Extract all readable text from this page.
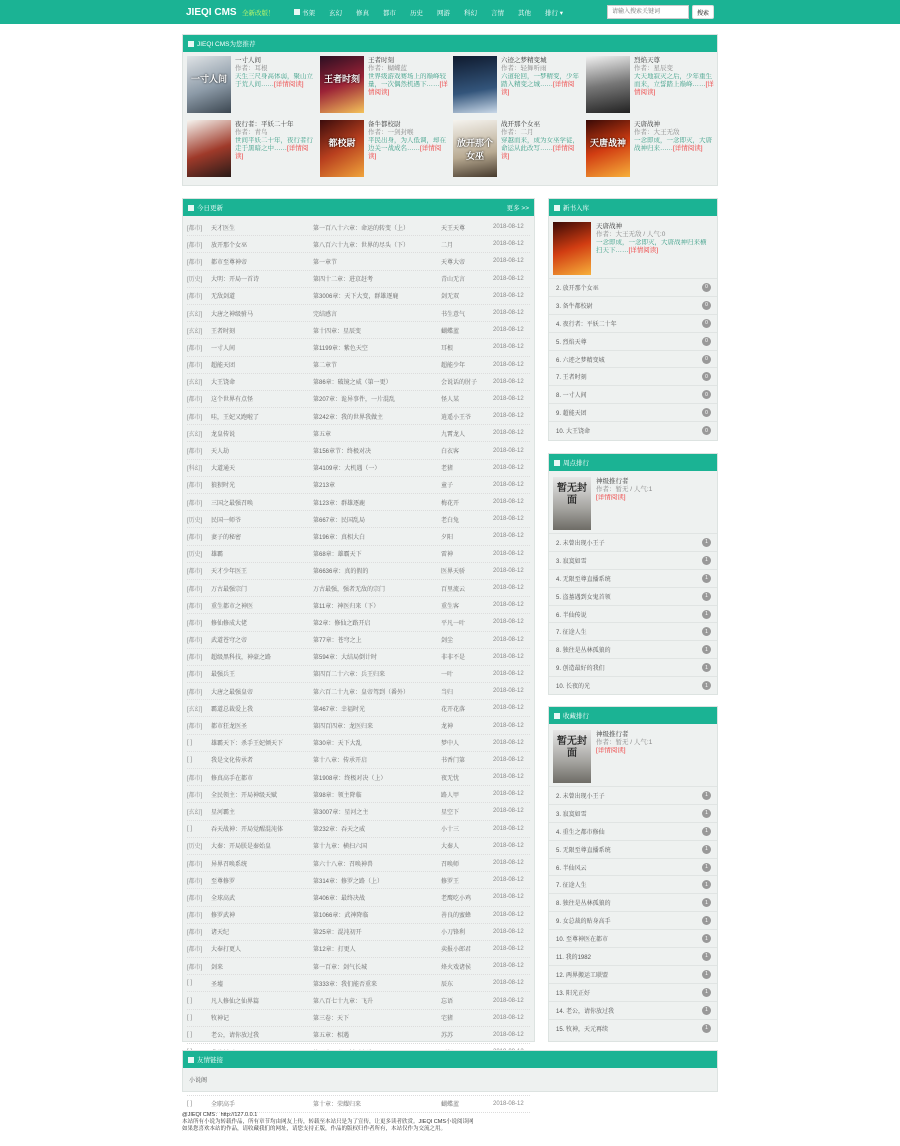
JIEQI CMS 全新改版！	书架 玄幻 修真 都市 历史 网游 科幻 言情 其他 排行 ▾
请输入搜索关键词	搜索
JIEQI CMS为您推荐
一寸人间
一寸人间
作者：耳根
天生三尺身高体弱，聚山立于荒人间……[详情阅读]
王者时刻
王者时刻
作者：蝴蝶蓝
世界级游戏赛场上的巅峰较量，一次偶然机遇下……[详情阅读]
六迹之梦精变城
作者：轻舞听雨
六道轮回，一梦精变，少年踏入精变之城……[详情阅读]
烈焰天尊
作者：星辰变
大天地寂灭之后，少年重生而来，立誓踏上巅峰……[详情阅读]
夜行者：平妖二十年
作者：青鸟
世间平妖二十年，夜行者行走于黑暗之中……[详情阅读]
都校尉
备牛都校尉
作者：一剑封喉
平民出身，为人低调，却在边关一战成名……[详情阅读]
放开那个女巫
战开那个女巫
作者：二月
穿越而来，成为女巫学徒，命运从此改写……[详情阅读]
天唐战神
天唐战神
作者：大王无敌
一念即成，一念即灭，大唐战神归来……[详情阅读]
今日更新	更多 >>
[都市]	天才医生	第一百八十六章：命运的转变（上）	天王天尊	2018-08-12
[都市]	放开那个女巫	第八百六十九章：世界的尽头（下）	二月	2018-08-12
[都市]	都市至尊神帝	第一章节	天尊大帝	2018-08-12
[历史]	大明：开局一首诗	第四十二章：进京赶考	青山无言	2018-08-12
[都市]	无敌剑道	第3006章：天下大变，群雄逐鹿	剑无双	2018-08-12
[玄幻]	大唐之神级驸马	完结感言	书生意气	2018-08-12
[玄幻]	王者时刻	第十四章：星辰变	蝴蝶蓝	2018-08-12
[都市]	一寸人间	第1199章：紫色天空	耳根	2018-08-12
[都市]	超能天团	第二章节	超能少年	2018-08-12
[玄幻]	大王饶命	第86章：破镜之威（第一更）	会说话的肘子	2018-08-12
[都市]	这个世界有点怪	第207章：诡异事件，一片混乱	怪人某	2018-08-12
[都市]	哇，王妃又跑啦了	第242章：我的世界我做主	逍遥小王爷	2018-08-12
[玄幻]	龙皇传说	第五章	九霄龙人	2018-08-12
[都市]	天人劫	第156章节：终极对决	白衣客	2018-08-12
[科幻]	大道通天	第4109章：大机遇（一）	老猪	2018-08-12
[都市]	狼狈时光	第213章	童子	2018-08-12
[都市]	三国之最强召唤	第123章：群雄逐鹿	梅花开	2018-08-12
[历史]	民国一师爷	第667章：民国乱局	老白兔	2018-08-12
[都市]	妻子的秘密	第196章：真相大白	夕阳	2018-08-12
[历史]	雄霸	第68章：雄霸天下	雷神	2018-08-12
[都市]	天才少年医王	第6636章：真的假的	医界天骄	2018-08-12
[都市]	万古最强宗门	万古最强，强者无敌的宗门	百里流云	2018-08-12
[都市]	重生都市之神医	第11章：神医归来（下）	重生客	2018-08-12
[都市]	修仙修成大佬	第2章：修仙之路开启	平凡一叶	2018-08-12
[都市]	武道苍穹之帝	第77章：苍穹之上	剑尘	2018-08-12
[都市]	超级黑科技，神豪之路	第594章：大结局倒计时	非非不是	2018-08-12
[都市]	最强兵王	第四百二十六章：兵王归来	一叶	2018-08-12
[都市]	大唐之最强皇帝	第六百二十九章：皇帝驾到（番外）	当归	2018-08-12
[玄幻]	霸道总裁爱上我	第467章：幸福时光	花开花落	2018-08-12
[都市]	都市狂龙医圣	第四百四章：龙医归来	龙神	2018-08-12
[ ]	雄霸天下：杀手王妃倾天下	第30章：天下大乱	梦中人	2018-08-12
[ ]	我是文化传承者	第十八章：传承开启	书香门第	2018-08-12
[都市]	修真高手在都市	第1908章：终极对决（上）	夜无忧	2018-08-12
[都市]	全民领主：开局神级天赋	第98章：领主降临	路人甲	2018-08-12
[玄幻]	星河霸主	第3007章：星河之主	星空下	2018-08-12
[ ]	吞天战神：开局觉醒混沌体	第232章：吞天之威	小十三	2018-08-12
[历史]	大秦：开局朕是秦始皇	第十九章：横扫六国	大秦人	2018-08-12
[都市]	异界召唤系统	第六十八章：召唤神兽	召唤师	2018-08-12
[都市]	至尊修罗	第314章：修罗之路（上）	修罗王	2018-08-12
[都市]	全球高武	第406章：最终决战	老鹰吃小鸡	2018-08-12
[都市]	修罗武神	第1066章：武神降临	善良的蜜蜂	2018-08-12
[都市]	诸天纪	第25章：混沌初开	小刀锋利	2018-08-12
[都市]	大奉打更人	第12章：打更人	卖报小郎君	2018-08-12
[都市]	剑来	第一百章：剑气长城	烽火戏诸侯	2018-08-12
[ ]	圣墟	第333章：我们能否重来	辰东	2018-08-12
[ ]	凡人修仙之仙界篇	第八百七十九章：飞升	忘语	2018-08-12
[ ]	牧神记	第三卷：天下	宅猪	2018-08-12
[ ]	老公，请你放过我	第五章：相遇	苏苏	2018-08-12
[ ]	全职高手	第十章：荣耀归来	蝴蝶蓝	2018-08-12
新书入库
天唐战神
作者：大王无敌 / 人气:0
一念即成，一念即灭，大唐战神归来横扫天下……[详情阅读]
2. 放开那个女巫	0
3. 备牛都校尉	0
4. 夜行者：平妖二十年	0
5. 烈焰天尊	0
6. 六迹之梦精变城	0
7. 王者时刻	0
8. 一寸人间	0
9. 超能天团	0
10. 大王饶命	0
周点排行
暂无封面
神级推行者
作者：暂无 / 人气:1
[详情阅读]
2. 未曾出现小王子	1
3. 寂寞如雪	1
4. 无限至尊直播系统	1
5. 盗墓遇到女鬼首领	1
6. 半仙传说	1
7. 征途人生	1
8. 独往是丛林孤狼的	1
9. 创造最好的我们	1
10. 长夜的光	1
收藏排行
暂无封面
神级推行者
作者：暂无 / 人气:1
[详情阅读]
2. 未曾出现小王子	1
3. 寂寞如雪	1
4. 重生之都市修仙	1
5. 无限至尊直播系统	1
6. 半仙风云	1
7. 征途人生	1
8. 独往是丛林孤狼的	1
9. 女总裁的贴身高手	1
10. 至尊神医在都市	1
11. 我的1982	1
12. 两界搬运工联盟	1
13. 阳光正好	1
14. 老公，请你放过我	1
15. 牧神，天元再续	1
友情链接
小说阁
@JIEQI CMS：http://127.0.0.1
本站所有小说为转载作品，所有章节均由网友上传，转载至本站只是为了宣传，让更多读者欣赏。JIEQI CMS小说阅读网
如果您喜欢本站的作品，请收藏我们的网址，请您支持正版，作品的版权归作者所有，本站仅作为交流之用。
